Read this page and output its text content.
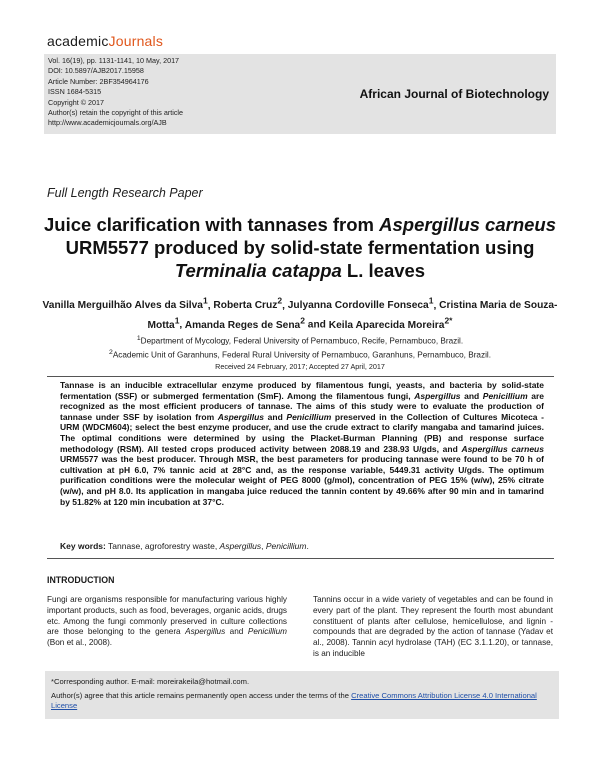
academicJournals
Vol. 16(19), pp. 1131-1141, 10 May, 2017
DOI: 10.5897/AJB2017.15958
Article Number: 2BF354964176
ISSN 1684-5315
Copyright © 2017
Author(s) retain the copyright of this article
http://www.academicjournals.org/AJB
African Journal of Biotechnology
Full Length Research Paper
Juice clarification with tannases from Aspergillus carneus URM5577 produced by solid-state fermentation using Terminalia catappa L. leaves
Vanilla Merguilhão Alves da Silva$^1$, Roberta Cruz$^2$, Julyanna Cordoville Fonseca$^1$, Cristina Maria de Souza-Motta$^1$, Amanda Reges de Sena$^2$ and Keila Aparecida Moreira$^{2*}$
$^1$Department of Mycology, Federal University of Pernambuco, Recife, Pernambuco, Brazil.
$^2$Academic Unit of Garanhuns, Federal Rural University of Pernambuco, Garanhuns, Pernambuco, Brazil.
Received 24 February, 2017; Accepted 27 April, 2017
Tannase is an inducible extracellular enzyme produced by filamentous fungi, yeasts, and bacteria by solid-state fermentation (SSF) or submerged fermentation (SmF). Among the filamentous fungi, Aspergillus and Penicillium are recognized as the most efficient producers of tannase. The aims of this study were to evaluate the production of tannase under SSF by isolation from Aspergillus and Penicillium preserved in the Collection of Cultures Micoteca - URM (WDCM604); select the best enzyme producer, and use the crude extract to clarify mangaba and tamarind juices. The optimal conditions were determined by using the Placket-Burman Planning (PB) and response surface methodology (RSM). All tested crops produced activity between 2088.19 and 238.93 U/gds, and Aspergillus carneus URM5577 was the best producer. Through MSR, the best parameters for producing tannase were found to be 70 h of cultivation at pH 6.0, 7% tannic acid at 28°C and, as the response variable, 5449.31 activity U/gds. The optimum purification conditions were the molecular weight of PEG 8000 (g/mol), concentration of PEG 15% (w/w), 25% citrate (w/w), and pH 8.0. Its application in mangaba juice reduced the tannin content by 49.66% after 90 min and in tamarind by 51.82% at 120 min incubation at 37°C.
Key words: Tannase, agroforestry waste, Aspergillus, Penicillium.
INTRODUCTION
Fungi are organisms responsible for manufacturing various highly important products, such as food, beverages, organic acids, drugs etc. Among the fungi commonly preserved in culture collections are those belonging to the genera Aspergillus and Penicillium (Bon et al., 2008).
Tannins occur in a wide variety of vegetables and can be found in every part of the plant. They represent the fourth most abundant constituent of plants after cellulose, hemicellulose, and lignin - compounds that are degraded by the action of tannase (Yadav et al., 2008). Tannin acyl hydrolase (TAH) (EC 3.1.1.20), or tannase, is an inducible

*Corresponding author. E-mail: moreirakeila@hotmail.com.

Author(s) agree that this article remains permanently open access under the terms of the Creative Commons Attribution License 4.0 International License
